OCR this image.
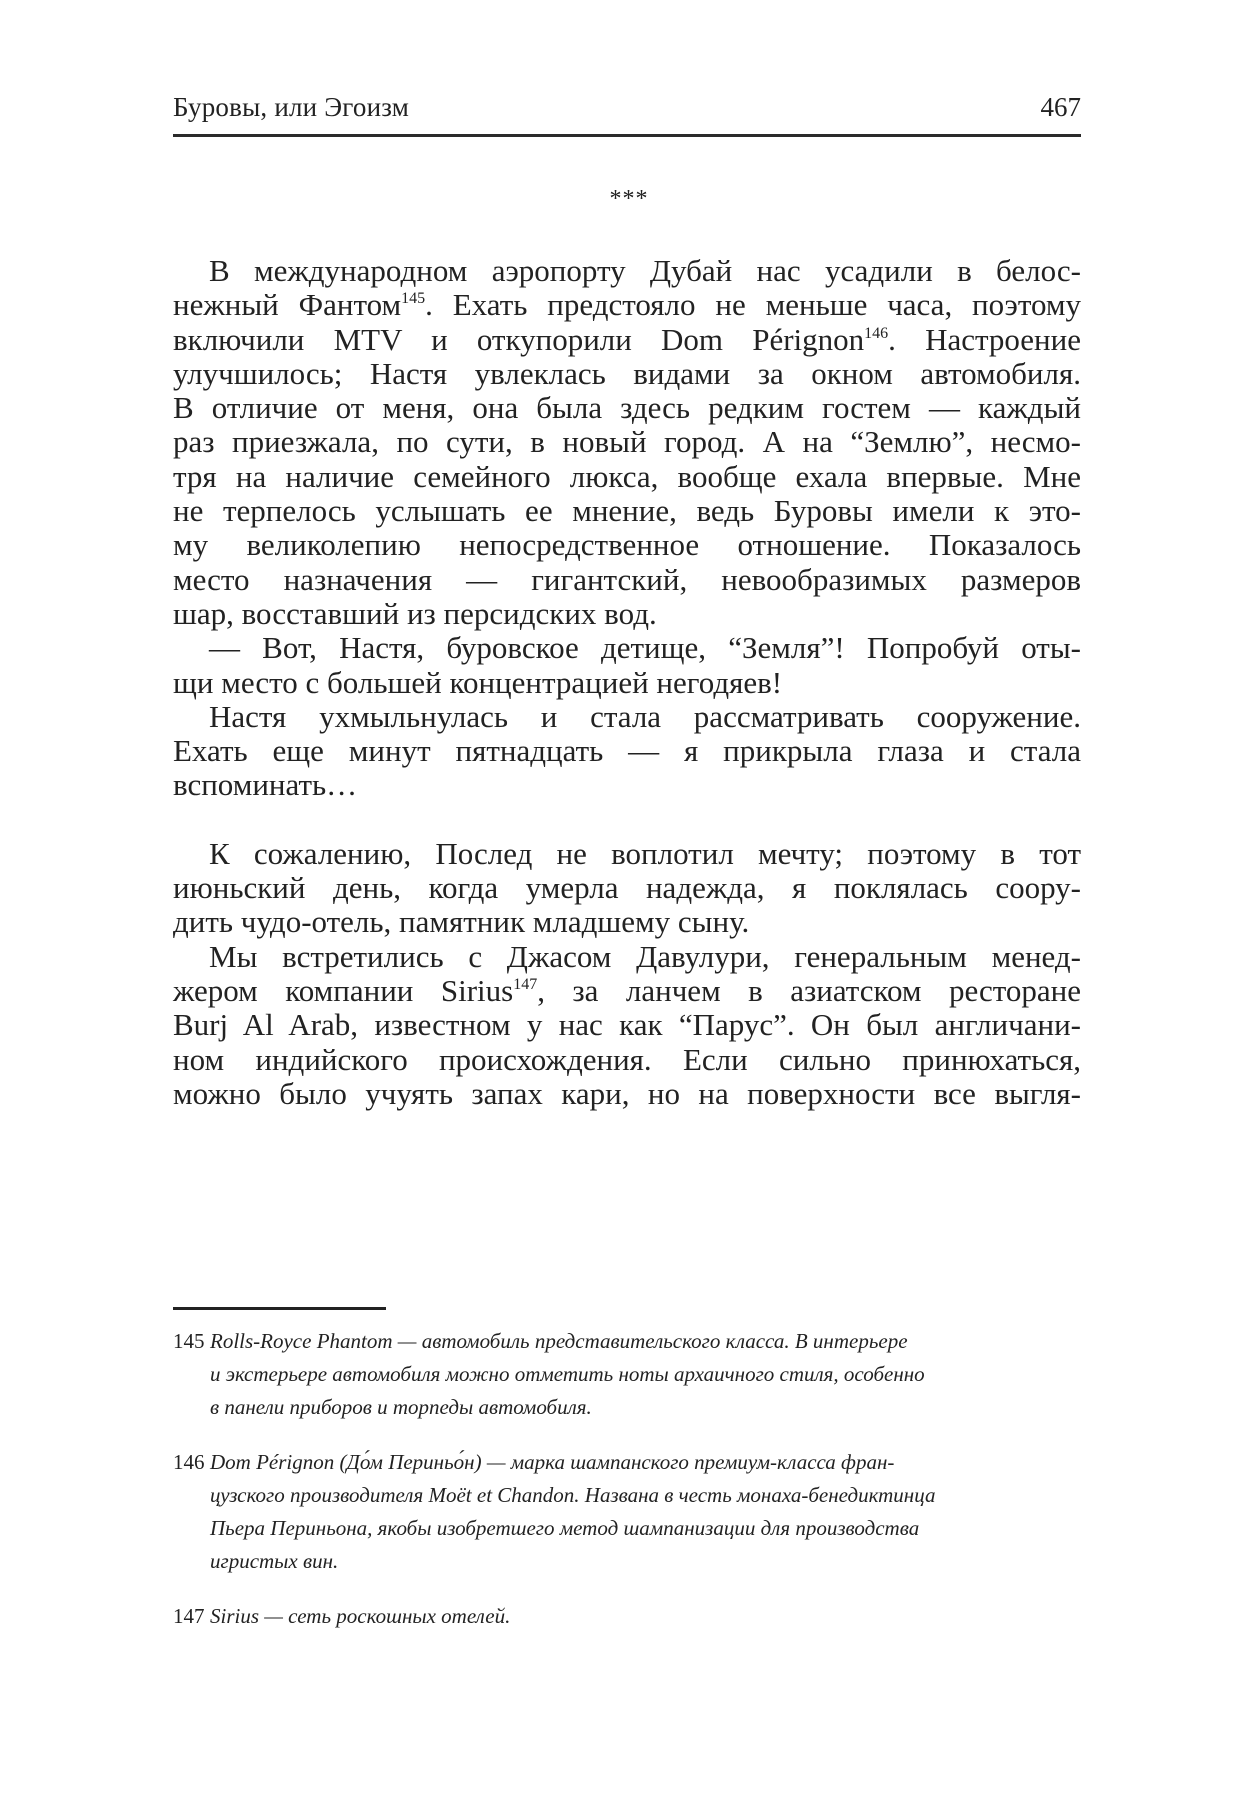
Буровы, или Эгоизм	467
***
В международном аэропорту Дубай нас усадили в белос-
нежный Фантом$^{145}$. Ехать предстояло не меньше часа, поэтому
включили MTV и откупорили Dom Pérignon$^{146}$. Настроение
улучшилось; Настя увлеклась видами за окном автомобиля.
В отличие от меня, она была здесь редким гостем — каждый
раз приезжала, по сути, в новый город. А на “Землю”, несмо-
тря на наличие семейного люкса, вообще ехала впервые. Мне
не терпелось услышать ее мнение, ведь Буровы имели к это-
му великолепию непосредственное отношение. Показалось
место назначения — гигантский, невообразимых размеров
шар, восставший из персидских вод.
— Вот, Настя, буровское детище, “Земля”! Попробуй оты-
щи место с большей концентрацией негодяев!
Настя ухмыльнулась и стала рассматривать сооружение.
Ехать еще минут пятнадцать — я прикрыла глаза и стала
вспоминать…
К сожалению, Послед не воплотил мечту; поэтому в тот
июньский день, когда умерла надежда, я поклялась соору-
дить чудо-отель, памятник младшему сыну.
Мы встретились с Джасом Давулури, генеральным менед-
жером компании Sirius$^{147}$, за ланчем в азиатском ресторане
Burj Al Arab, известном у нас как “Парус”. Он был англичани-
ном индийского происхождения. Если сильно принюхаться,
можно было учуять запах кари, но на поверхности все выгля-
145 Rolls-Royce Phantom — автомобиль представительского класса. В интерьере
и экстерьере автомобиля можно отметить ноты архаичного стиля, особенно
в панели приборов и торпеды автомобиля.
146 Dom Pérignon (До́м Периньо́н) — марка шампанского премиум-класса фран-
цузского производителя Moët et Chandon. Названа в честь монаха-бенедиктинца
Пьера Периньона, якобы изобретшего метод шампанизации для производства
игристых вин.
147 Sirius — сеть роскошных отелей.
